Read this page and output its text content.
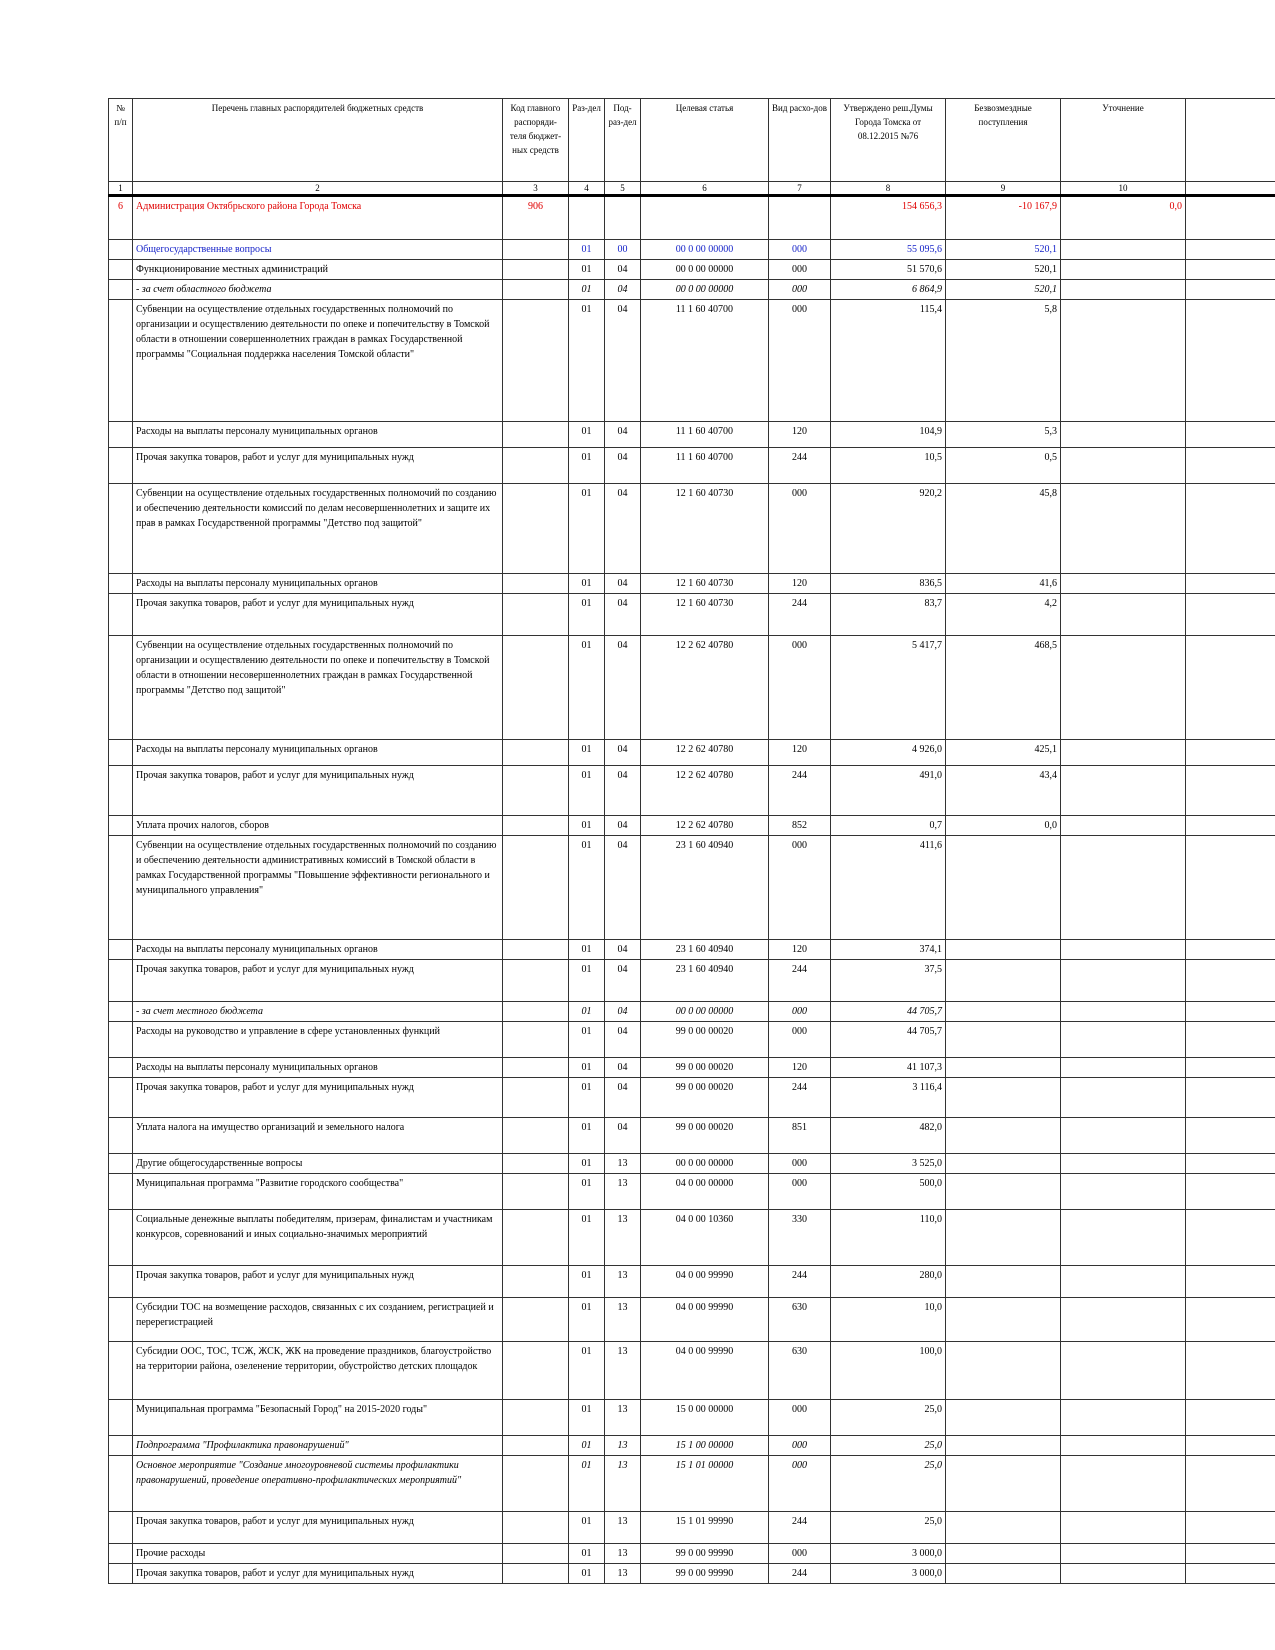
№ п/п	Перечень главных распорядителей бюджетных средств	Код главного распоряди-теля бюджет-ных средств	Раз-дел	Под-раз-дел	Целевая статья	Вид расхо-дов	Утверждено реш.Думы Города Томска от 08.12.2015 №76	Безвозмездные поступления	Уточнение	
1	2	3	4	5	6	7	8	9	10	
6	Администрация Октябрьского района Города Томска	906					154 656,3	-10 167,9	0,0	
	Общегосударственные вопросы		01	00	00 0 00 00000	000	55 095,6	520,1		
	Функционирование местных администраций		01	04	00 0 00 00000	000	51 570,6	520,1		
	- за счет областного бюджета		01	04	00 0 00 00000	000	6 864,9	520,1		
	Субвенции на осуществление отдельных государственных полномочий по организации и осуществлению деятельности по опеке и попечительству в Томской области в отношении совершеннолетних граждан в рамках Государственной программы "Социальная поддержка населения Томской области"		01	04	11 1 60 40700	000	115,4	5,8		
	Расходы на выплаты персоналу муниципальных органов		01	04	11 1 60 40700	120	104,9	5,3		
	Прочая закупка товаров, работ и услуг для муниципальных нужд		01	04	11 1 60 40700	244	10,5	0,5		
	Субвенции на осуществление отдельных государственных полномочий по созданию и обеспечению деятельности комиссий по делам несовершеннолетних и защите их прав в рамках Государственной программы "Детство под защитой"		01	04	12 1 60 40730	000	920,2	45,8		
	Расходы на выплаты персоналу муниципальных органов		01	04	12 1 60 40730	120	836,5	41,6		
	Прочая закупка товаров, работ и услуг для муниципальных нужд		01	04	12 1 60 40730	244	83,7	4,2		
	Субвенции на осуществление отдельных государственных полномочий по организации и осуществлению деятельности по опеке и попечительству в Томской области в отношении несовершеннолетних граждан в рамках Государственной программы "Детство под защитой"		01	04	12 2 62 40780	000	5 417,7	468,5		
	Расходы на выплаты персоналу муниципальных органов		01	04	12 2 62 40780	120	4 926,0	425,1		
	Прочая закупка товаров, работ и услуг для муниципальных нужд		01	04	12 2 62 40780	244	491,0	43,4		
	Уплата прочих налогов, сборов		01	04	12 2 62 40780	852	0,7	0,0		
	Субвенции на осуществление отдельных государственных полномочий по созданию и обеспечению деятельности административных комиссий в Томской области в рамках Государственной программы "Повышение эффективности регионального и муниципального управления"		01	04	23 1 60 40940	000	411,6			
	Расходы на выплаты персоналу муниципальных органов		01	04	23 1 60 40940	120	374,1			
	Прочая закупка товаров, работ и услуг для муниципальных нужд		01	04	23 1 60 40940	244	37,5			
	- за счет местного бюджета		01	04	00 0 00 00000	000	44 705,7			
	Расходы на руководство и управление в сфере установленных функций		01	04	99 0 00 00020	000	44 705,7			
	Расходы на выплаты персоналу муниципальных органов		01	04	99 0 00 00020	120	41 107,3			
	Прочая закупка товаров, работ и услуг для муниципальных нужд		01	04	99 0 00 00020	244	3 116,4			
	Уплата налога на имущество организаций и земельного налога		01	04	99 0 00 00020	851	482,0			
	Другие общегосударственные вопросы		01	13	00 0 00 00000	000	3 525,0			
	Муниципальная программа "Развитие городского сообщества"		01	13	04 0 00 00000	000	500,0			
	Социальные денежные выплаты победителям, призерам, финалистам и участникам конкурсов, соревнований и иных социально-значимых мероприятий		01	13	04 0 00 10360	330	110,0			
	Прочая закупка товаров, работ и услуг для муниципальных нужд		01	13	04 0 00 99990	244	280,0			
	Субсидии ТОС на возмещение расходов, связанных с их созданием, регистрацией и перерегистрацией		01	13	04 0 00 99990	630	10,0			
	Субсидии ООС, ТОС, ТСЖ, ЖСК, ЖК на проведение праздников, благоустройство на территории района, озеленение территории, обустройство детских площадок		01	13	04 0 00 99990	630	100,0			
	Муниципальная программа "Безопасный Город" на 2015-2020 годы"		01	13	15 0 00 00000	000	25,0			
	Подпрограмма "Профилактика правонарушений"		01	13	15 1 00 00000	000	25,0			
	Основное мероприятие "Создание многоуровневой системы профилактики правонарушений, проведение оперативно-профилактических мероприятий"		01	13	15 1 01 00000	000	25,0			
	Прочая закупка товаров, работ и услуг для муниципальных нужд		01	13	15 1 01 99990	244	25,0			
	Прочие расходы		01	13	99 0 00 99990	000	3 000,0			
	Прочая закупка товаров, работ и услуг для муниципальных нужд		01	13	99 0 00 99990	244	3 000,0			
